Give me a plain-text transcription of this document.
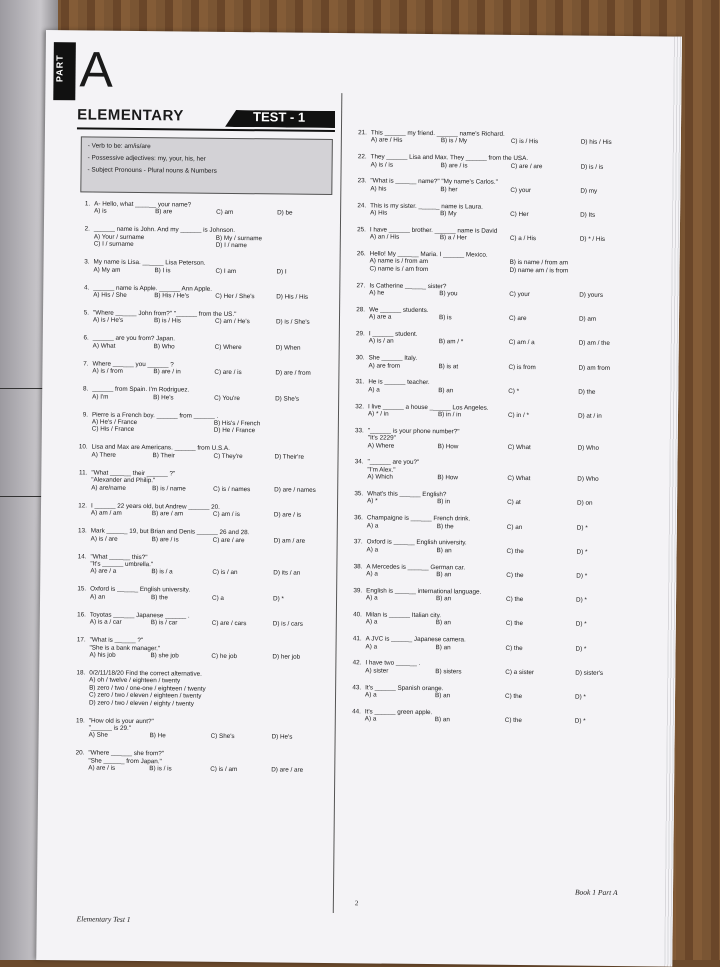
PART A
ELEMENTARY	TEST - 1
- Verb to be: am/is/are
- Possessive adjectives: my, your, his, her
- Subject Pronouns - Plural nouns & Numbers
1. A- Hello, what ______ your name?
A) is	B) are	C) am	D) be
2. ______ name is John. And my ______ is Johnson.
A) Your / surname	B) My / surname
C) I / surname	D) I / name
3. My name is Lisa. ______ Lisa Peterson.
A) My am	B) I is	C) I am	D) I
4. ______ name is Apple. ______ Ann Apple.
A) His / She	B) His / He's	C) Her / She's	D) His / His
5. "Where ______ John from?" "______ from the US."
A) is / He's	B) is / His	C) am / He's	D) is / She's
6. ______ are you from? Japan.
A) What	B) Who	C) Where	D) When
7. Where ______ you ______ ?
A) is / from	B) are / in	C) are / is	D) are / from
8. ______ from Spain. I'm Rodriguez.
A) I'm	B) He's	C) You're	D) She's
9. Pierre is a French boy. ______ from ______ .
A) He's / France	B) His's / French
C) His / France	D) He / France
10. Lisa and Max are Americans. ______ from U.S.A.
A) There	B) Their	C) They're	D) Their're
11. "What ______ their ______ ?"
"Alexander and Philip."
A) are/name	B) is / name	C) is / names	D) are / names
12. I ______ 22 years old, but Andrew ______ 20.
A) am / am	B) are / am	C) am / is	D) are / is
13. Mark ______ 19, but Brian and Denis ______ 26 and 28.
A) is / are	B) are / is	C) are / are	D) am / are
14. "What ______ this?"
"It's ______ umbrella."
A) are / a	B) is / a	C) is / an	D) its / an
15. Oxford is ______ English university.
A) an	B) the	C) a	D) *
16. Toyotas ______ Japanese ______ .
A) is a / car	B) is / car	C) are / cars	D) is / cars
17. "What is ______ ?"
"She is a bank manager."
A) his job	B) she job	C) he job	D) her job
18. 0/2/11/18/20 Find the correct alternative.
A) oh / twelve / eighteen / twenty
B) zero / two / one-one / eighteen / twenty
C) zero / two / eleven / eighteen / twenty
D) zero / two / eleven / eighty / twenty
19. "How old is your aunt?"
"______ is 29."
A) She	B) He	C) She's	D) He's
20. "Where ______ she from?"
"She ______ from Japan."
A) are / is	B) is / is	C) is / am	D) are / are
21. This ______ my friend. ______ name's Richard.
A) are / His	B) is / My	C) is / His	D) his / His
22. They ______ Lisa and Max. They ______ from the USA.
A) is / is	B) are / is	C) are / are	D) is / is
23. "What is ______ name?" "My name's Carlos."
A) his	B) her	C) your	D) my
24. This is my sister. ______ name is Laura.
A) His	B) My	C) Her	D) Its
25. I have ______ brother. ______ name is David
A) an / His	B) a / Her	C) a / His	D) * / His
26. Hello! My ______ Maria. I ______ Mexico.
A) name is / from am	B) is name / from am
C) name is / am from	D) name am / is from
27. Is Catherine ______ sister?
A) he	B) you	C) your	D) yours
28. We ______ students.
A) are a	B) is	C) are	D) am
29. I ______ student.
A) is / an	B) am / *	C) am / a	D) am / the
30. She ______ Italy.
A) are from	B) is at	C) is from	D) am from
31. He is ______ teacher.
A) a	B) an	C) *	D) the
32. I live ______ a house ______ Los Angeles.
A) * / in	B) in / in	C) in / *	D) at / in
33. "______ is your phone number?"
"It's 2229"
A) Where	B) How	C) What	D) Who
34. "______ are you?"
"I'm Alex."
A) Which	B) How	C) What	D) Who
35. What's this ______ English?
A) *	B) in	C) at	D) on
36. Champaigne is ______ French drink.
A) a	B) the	C) an	D) *
37. Oxford is ______ English university.
A) a	B) an	C) the	D) *
38. A Mercedes is ______ German car.
A) a	B) an	C) the	D) *
39. English is ______ international language.
A) a	B) an	C) the	D) *
40. Milan is ______ Italian city.
A) a	B) an	C) the	D) *
41. A JVC is ______ Japanese camera.
A) a	B) an	C) the	D) *
42. I have two ______ .
A) sister	B) sisters	C) a sister	D) sister's
43. It's ______ Spanish orange.
A) a	B) an	C) the	D) *
44. It's ______ green apple.
A) a	B) an	C) the	D) *
Elementary Test 1
2
Book 1 Part A
